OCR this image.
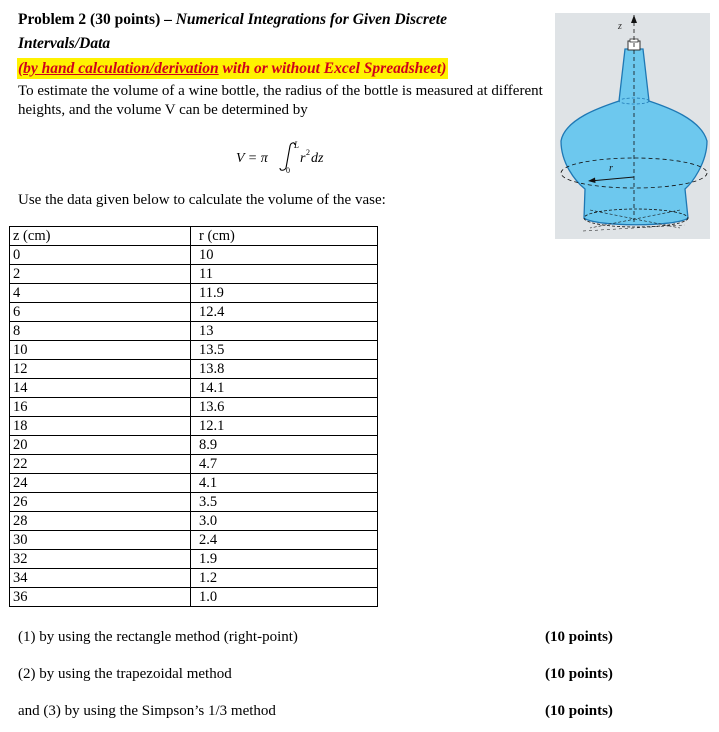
Problem 2 (30 points) – Numerical Integrations for Given Discrete
Intervals/Data
(by hand calculation/derivation with or without Excel Spreadsheet)
To estimate the volume of a wine bottle, the radius of the bottle is measured at different heights, and the volume V can be determined by
V = π
L
0
r 2 dz
Use the data given below to calculate the volume of the vase:
z (cm)	r (cm)
0	10
2	11
4	11.9
6	12.4
8	13
10	13.5
12	13.8
14	14.1
16	13.6
18	12.1
20	8.9
22	4.7
24	4.1
26	3.5
28	3.0
30	2.4
32	1.9
34	1.2
36	1.0
(1) by using the rectangle method (right-point)	(10 points)
(2) by using the trapezoidal method	(10 points)
and (3) by using the Simpson’s 1/3 method	(10 points)
z
r
